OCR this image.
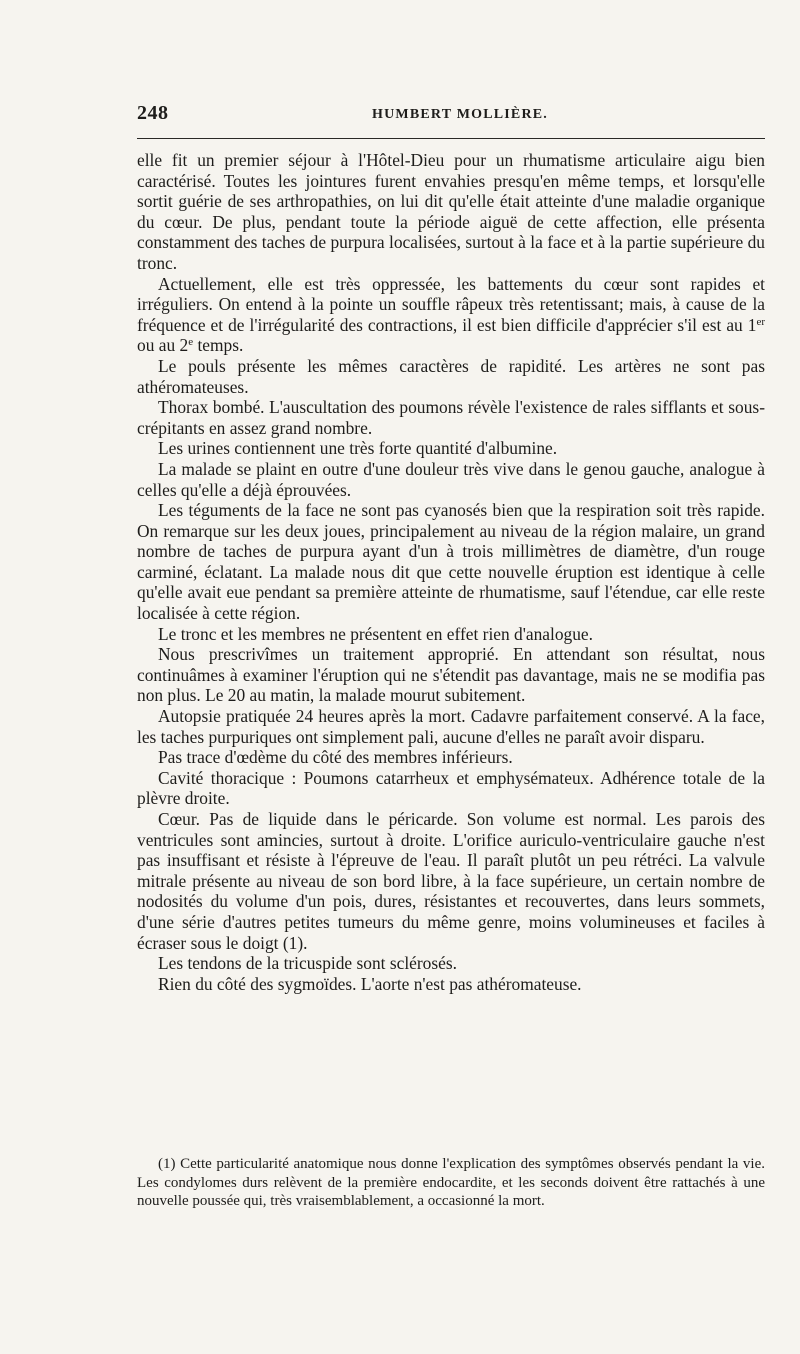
248	HUMBERT MOLLIÈRE.

elle fit un premier séjour à l'Hôtel-Dieu pour un rhumatisme articulaire aigu bien caractérisé. Toutes les jointures furent envahies presqu'en même temps, et lorsqu'elle sortit guérie de ses arthropathies, on lui dit qu'elle était atteinte d'une maladie organique du cœur. De plus, pendant toute la période aiguë de cette affection, elle présenta constamment des taches de purpura localisées, surtout à la face et à la partie supérieure du tronc.

Actuellement, elle est très oppressée, les battements du cœur sont rapides et irréguliers. On entend à la pointe un souffle râpeux très retentissant; mais, à cause de la fréquence et de l'irrégularité des contractions, il est bien difficile d'apprécier s'il est au 1er ou au 2e temps.

Le pouls présente les mêmes caractères de rapidité. Les artères ne sont pas athéromateuses.

Thorax bombé. L'auscultation des poumons révèle l'existence de rales sifflants et sous-crépitants en assez grand nombre.

Les urines contiennent une très forte quantité d'albumine.

La malade se plaint en outre d'une douleur très vive dans le genou gauche, analogue à celles qu'elle a déjà éprouvées.

Les téguments de la face ne sont pas cyanosés bien que la respiration soit très rapide. On remarque sur les deux joues, principalement au niveau de la région malaire, un grand nombre de taches de purpura ayant d'un à trois millimètres de diamètre, d'un rouge carminé, éclatant. La malade nous dit que cette nouvelle éruption est identique à celle qu'elle avait eue pendant sa première atteinte de rhumatisme, sauf l'étendue, car elle reste localisée à cette région.

Le tronc et les membres ne présentent en effet rien d'analogue.

Nous prescrivîmes un traitement approprié. En attendant son résultat, nous continuâmes à examiner l'éruption qui ne s'étendit pas davantage, mais ne se modifia pas non plus. Le 20 au matin, la malade mourut subitement.

Autopsie pratiquée 24 heures après la mort. Cadavre parfaitement conservé. A la face, les taches purpuriques ont simplement pali, aucune d'elles ne paraît avoir disparu.

Pas trace d'œdème du côté des membres inférieurs.

Cavité thoracique : Poumons catarrheux et emphysémateux. Adhérence totale de la plèvre droite.

Cœur. Pas de liquide dans le péricarde. Son volume est normal. Les parois des ventricules sont amincies, surtout à droite. L'orifice auriculo-ventriculaire gauche n'est pas insuffisant et résiste à l'épreuve de l'eau. Il paraît plutôt un peu rétréci. La valvule mitrale présente au niveau de son bord libre, à la face supérieure, un certain nombre de nodosités du volume d'un pois, dures, résistantes et recouvertes, dans leurs sommets, d'une série d'autres petites tumeurs du même genre, moins volumineuses et faciles à écraser sous le doigt (1).

Les tendons de la tricuspide sont sclérosés.

Rien du côté des sygmoïdes. L'aorte n'est pas athéromateuse.

(1) Cette particularité anatomique nous donne l'explication des symptômes observés pendant la vie. Les condylomes durs relèvent de la première endocardite, et les seconds doivent être rattachés à une nouvelle poussée qui, très vraisemblablement, a occasionné la mort.
